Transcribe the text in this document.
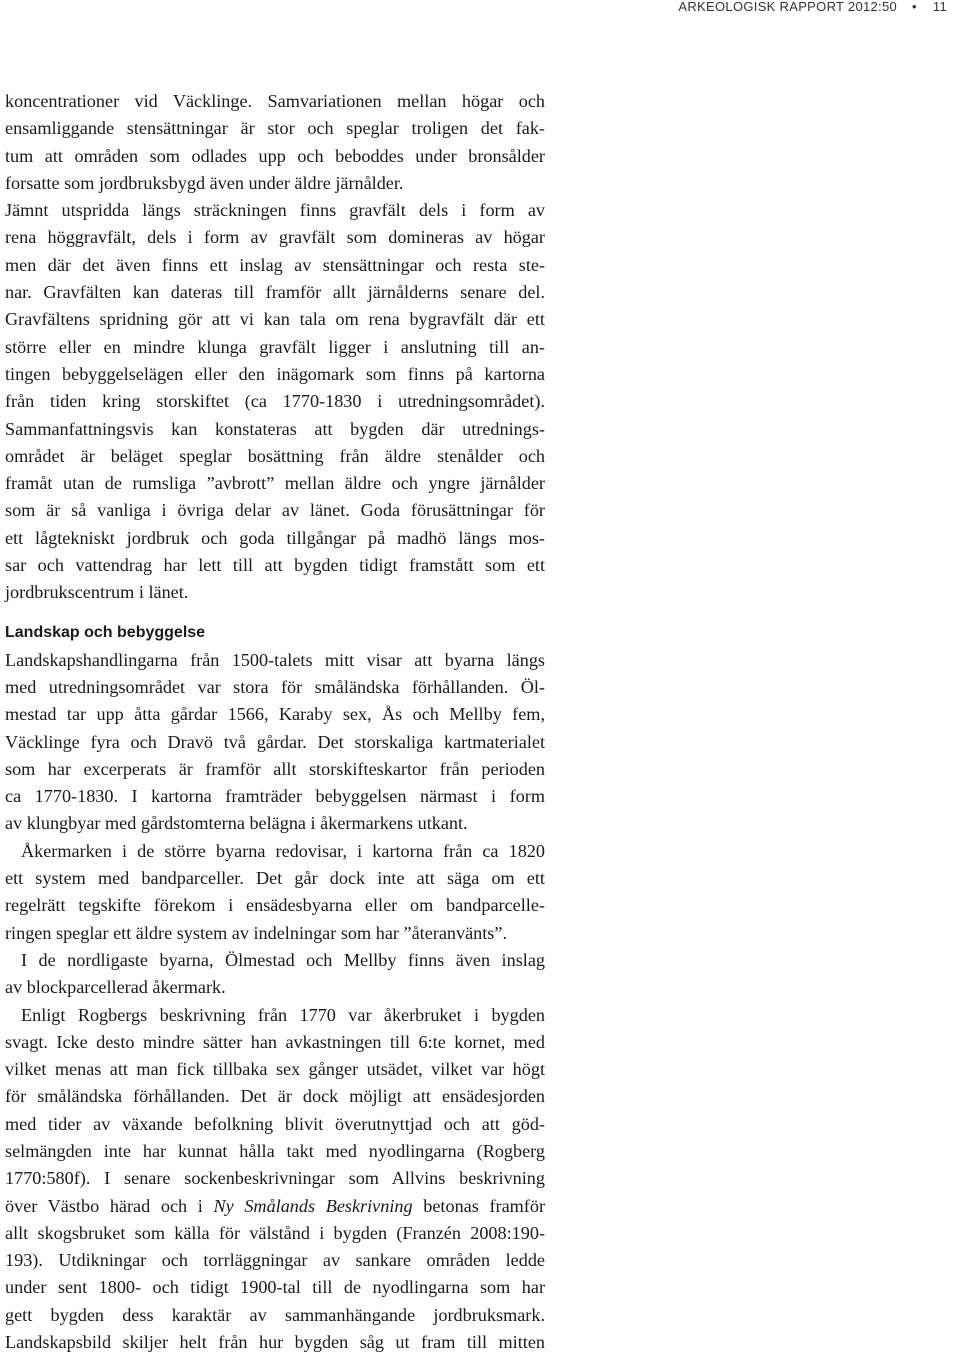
ARKEOLOGISK RAPPORT 2012:50 • 11
koncentrationer vid Väcklinge. Samvariationen mellan högar och
ensamliggande stensättningar är stor och speglar troligen det fak-
tum att områden som odlades upp och beboddes under bronsålder
forsatte som jordbruksbygd även under äldre järnålder.
Jämnt utspridda längs sträckningen finns gravfält dels i form av
rena höggravfält, dels i form av gravfält som domineras av högar
men där det även finns ett inslag av stensättningar och resta ste-
nar. Gravfälten kan dateras till framför allt järnålderns senare del.
Gravfältens spridning gör att vi kan tala om rena bygravfält där ett
större eller en mindre klunga gravfält ligger i anslutning till an-
tingen bebyggelselägen eller den inägomark som finns på kartorna
från tiden kring storskiftet (ca 1770-1830 i utredningsområdet).
Sammanfattningsvis kan konstateras att bygden där utrednings-
området är beläget speglar bosättning från äldre stenålder och
framåt utan de rumsliga ”avbrott” mellan äldre och yngre järnålder
som är så vanliga i övriga delar av länet. Goda förusättningar för
ett lågtekniskt jordbruk och goda tillgångar på madhö längs mos-
sar och vattendrag har lett till att bygden tidigt framstått som ett
jordbrukscentrum i länet.
Landskap och bebyggelse
Landskapshandlingarna från 1500-talets mitt visar att byarna längs
med utredningsområdet var stora för småländska förhållanden. Öl-
mestad tar upp åtta gårdar 1566, Karaby sex, Ås och Mellby fem,
Väcklinge fyra och Dravö två gårdar. Det storskaliga kartmaterialet
som har excerperats är framför allt storskifteskartor från perioden
ca 1770-1830. I kartorna framträder bebyggelsen närmast i form
av klungbyar med gårdstomterna belägna i åkermarkens utkant.
Åkermarken i de större byarna redovisar, i kartorna från ca 1820
ett system med bandparceller. Det går dock inte att säga om ett
regelrätt tegskifte förekom i ensädesbyarna eller om bandparcelle-
ringen speglar ett äldre system av indelningar som har ”återanvänts”.
I de nordligaste byarna, Ölmestad och Mellby finns även inslag
av blockparcellerad åkermark.
Enligt Rogbergs beskrivning från 1770 var åkerbruket i bygden
svagt. Icke desto mindre sätter han avkastningen till 6:te kornet, med
vilket menas att man fick tillbaka sex gånger utsädet, vilket var högt
för småländska förhållanden. Det är dock möjligt att ensädesjorden
med tider av växande befolkning blivit överutnyttjad och att göd-
selmängden inte har kunnat hålla takt med nyodlingarna (Rogberg
1770:580f). I senare sockenbeskrivningar som Allvins beskrivning
över Västbo härad och i Ny Smålands Beskrivning betonas framför
allt skogsbruket som källa för välstånd i bygden (Franzén 2008:190-
193). Utdikningar och torrläggningar av sankare områden ledde
under sent 1800- och tidigt 1900-tal till de nyodlingarna som har
gett bygden dess karaktär av sammanhängande jordbruksmark.
Landskapsbild skiljer helt från hur bygden såg ut fram till mitten
